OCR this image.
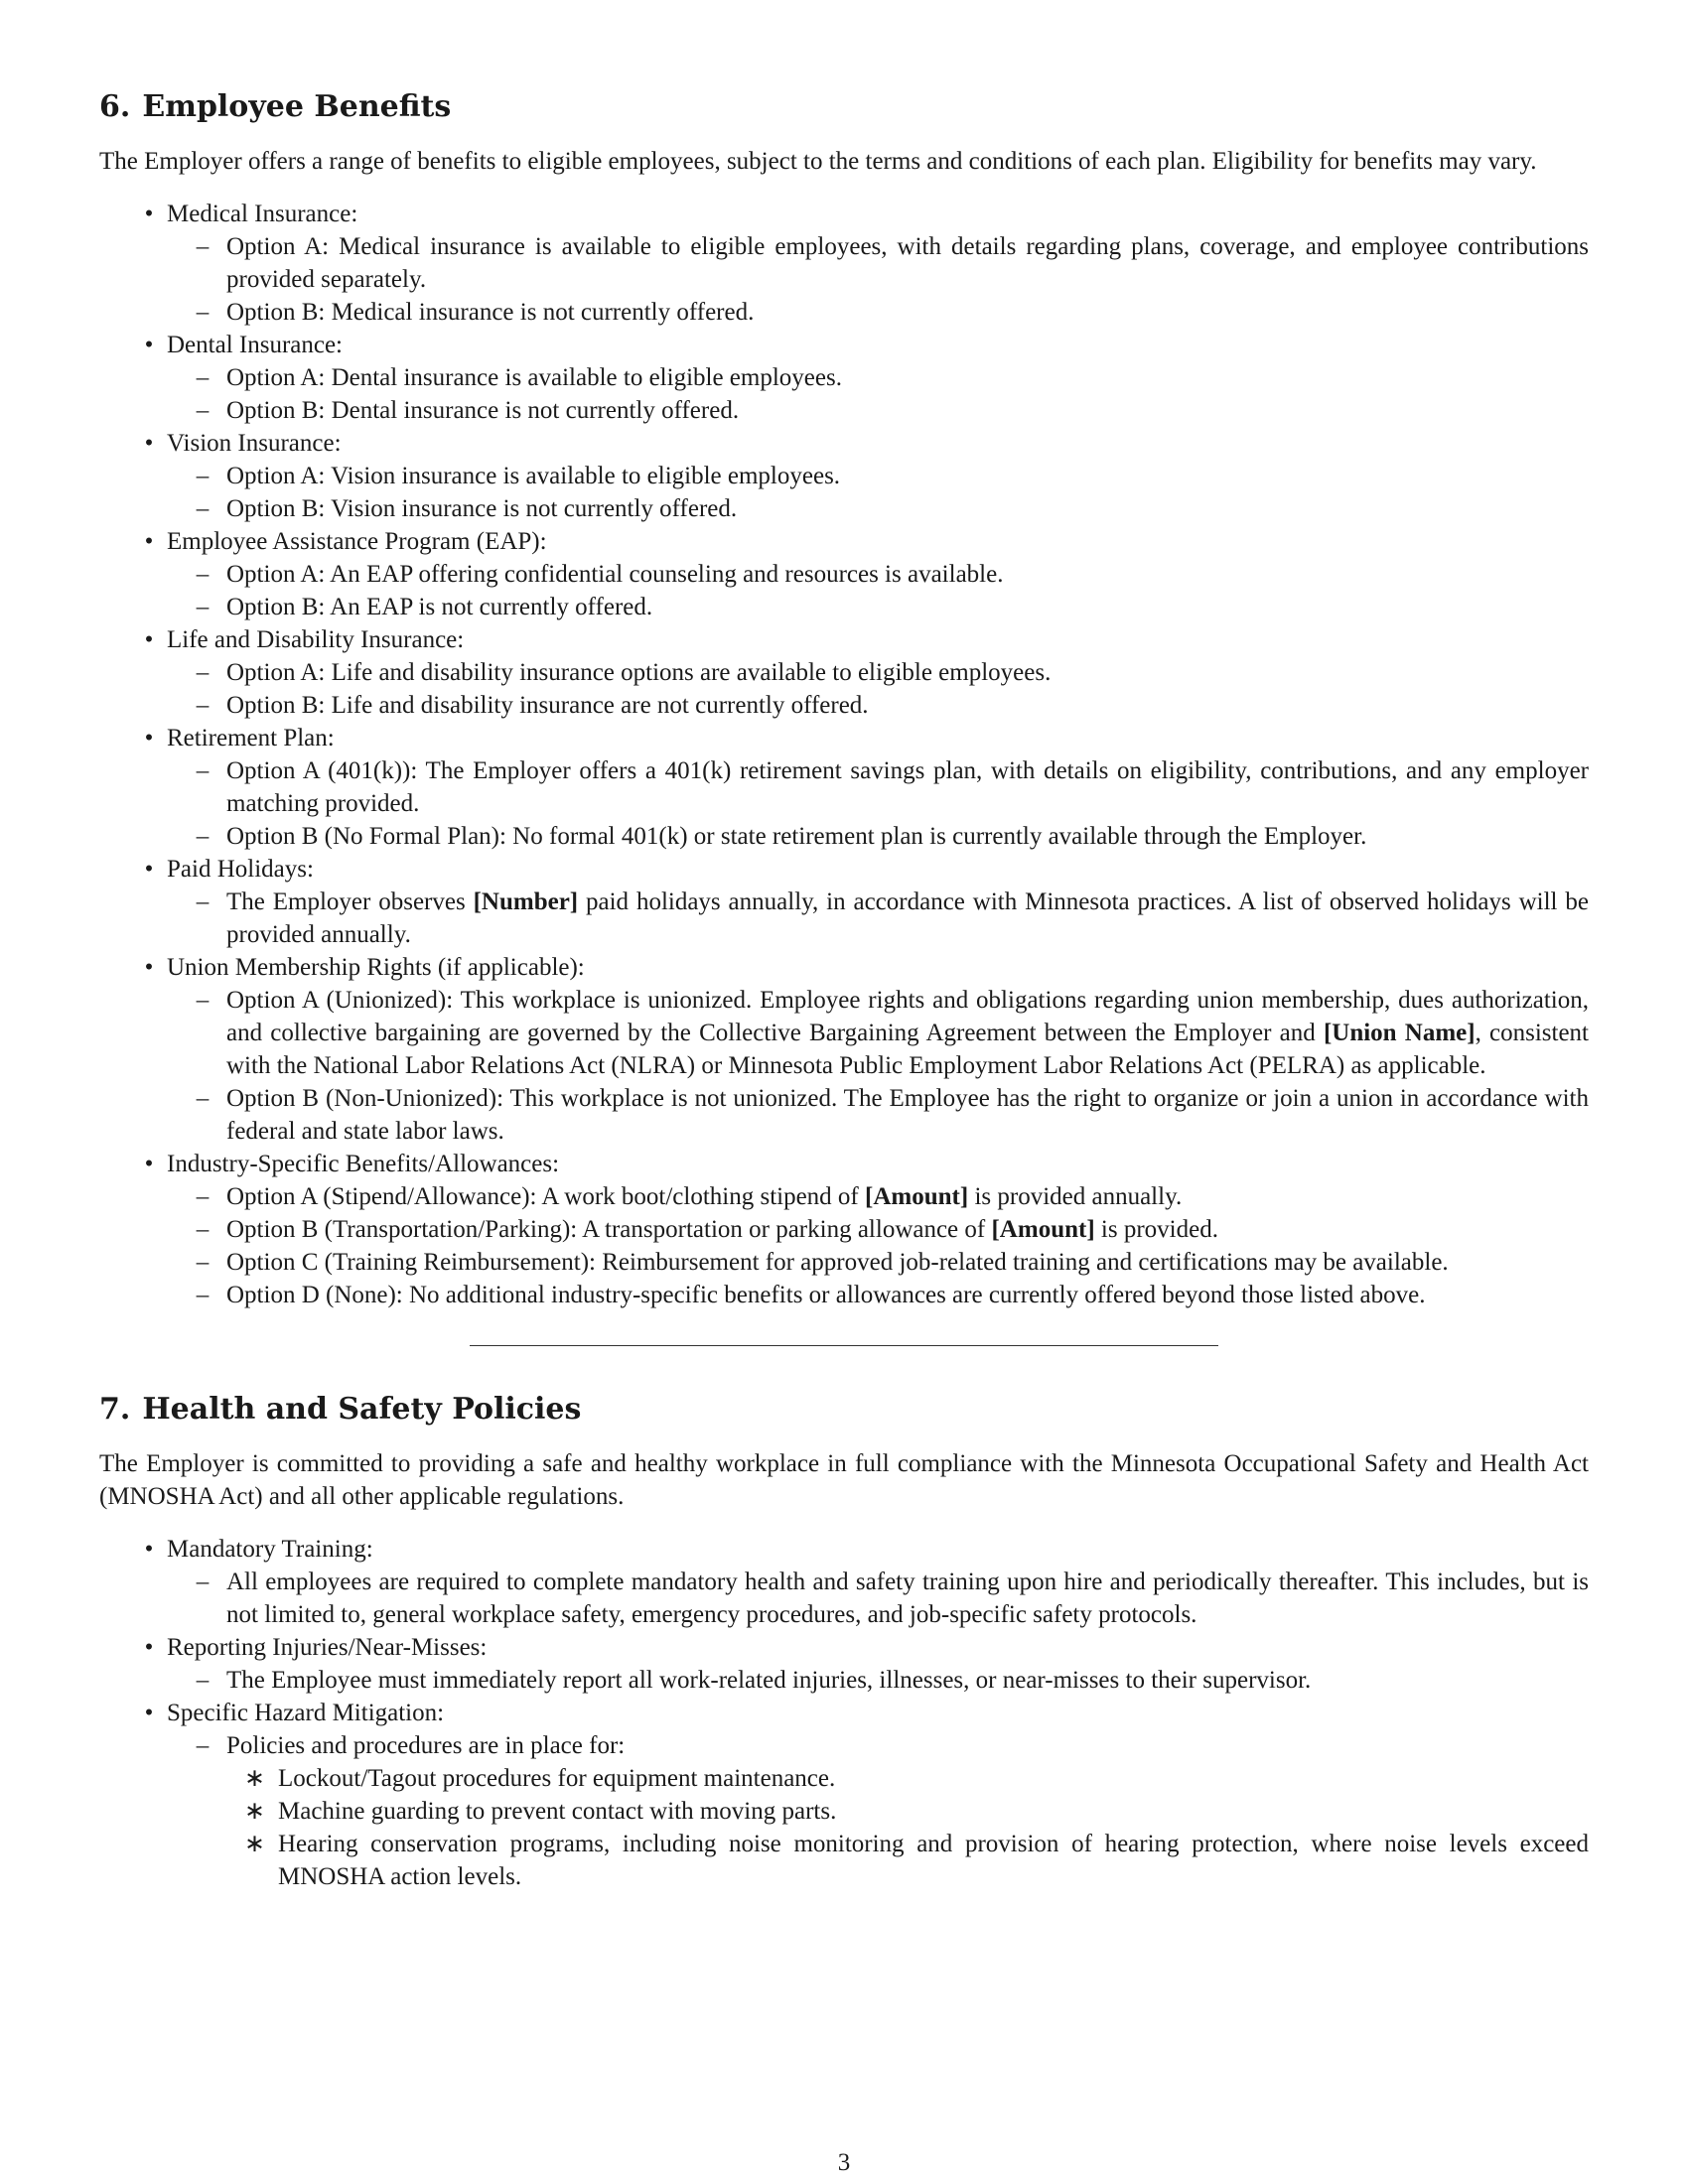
6. Employee Benefits

The Employer offers a range of benefits to eligible employees, subject to the terms and conditions of each plan. Eligibility for benefits may vary.

• Medical Insurance:
– Option A: Medical insurance is available to eligible employees, with details regarding plans, coverage, and employee contributions provided separately.
– Option B: Medical insurance is not currently offered.
• Dental Insurance:
– Option A: Dental insurance is available to eligible employees.
– Option B: Dental insurance is not currently offered.
• Vision Insurance:
– Option A: Vision insurance is available to eligible employees.
– Option B: Vision insurance is not currently offered.
• Employee Assistance Program (EAP):
– Option A: An EAP offering confidential counseling and resources is available.
– Option B: An EAP is not currently offered.
• Life and Disability Insurance:
– Option A: Life and disability insurance options are available to eligible employees.
– Option B: Life and disability insurance are not currently offered.
• Retirement Plan:
– Option A (401(k)): The Employer offers a 401(k) retirement savings plan, with details on eligibility, contributions, and any employer matching provided.
– Option B (No Formal Plan): No formal 401(k) or state retirement plan is currently available through the Employer.
• Paid Holidays:
– The Employer observes [Number] paid holidays annually, in accordance with Minnesota practices. A list of observed holidays will be provided annually.
• Union Membership Rights (if applicable):
– Option A (Unionized): This workplace is unionized. Employee rights and obligations regarding union membership, dues authorization, and collective bargaining are governed by the Collective Bargaining Agreement between the Employer and [Union Name], consistent with the National Labor Relations Act (NLRA) or Minnesota Public Employment Labor Relations Act (PELRA) as applicable.
– Option B (Non-Unionized): This workplace is not unionized. The Employee has the right to organize or join a union in accordance with federal and state labor laws.
• Industry-Specific Benefits/Allowances:
– Option A (Stipend/Allowance): A work boot/clothing stipend of [Amount] is provided annually.
– Option B (Transportation/Parking): A transportation or parking allowance of [Amount] is provided.
– Option C (Training Reimbursement): Reimbursement for approved job-related training and certifications may be available.
– Option D (None): No additional industry-specific benefits or allowances are currently offered beyond those listed above.
7. Health and Safety Policies

The Employer is committed to providing a safe and healthy workplace in full compliance with the Minnesota Occupational Safety and Health Act (MNOSHA Act) and all other applicable regulations.

• Mandatory Training:
– All employees are required to complete mandatory health and safety training upon hire and periodically thereafter. This includes, but is not limited to, general workplace safety, emergency procedures, and job-specific safety protocols.
• Reporting Injuries/Near-Misses:
– The Employee must immediately report all work-related injuries, illnesses, or near-misses to their supervisor.
• Specific Hazard Mitigation:
– Policies and procedures are in place for:
∗ Lockout/Tagout procedures for equipment maintenance.
∗ Machine guarding to prevent contact with moving parts.
∗ Hearing conservation programs, including noise monitoring and provision of hearing protection, where noise levels exceed MNOSHA action levels.
3
